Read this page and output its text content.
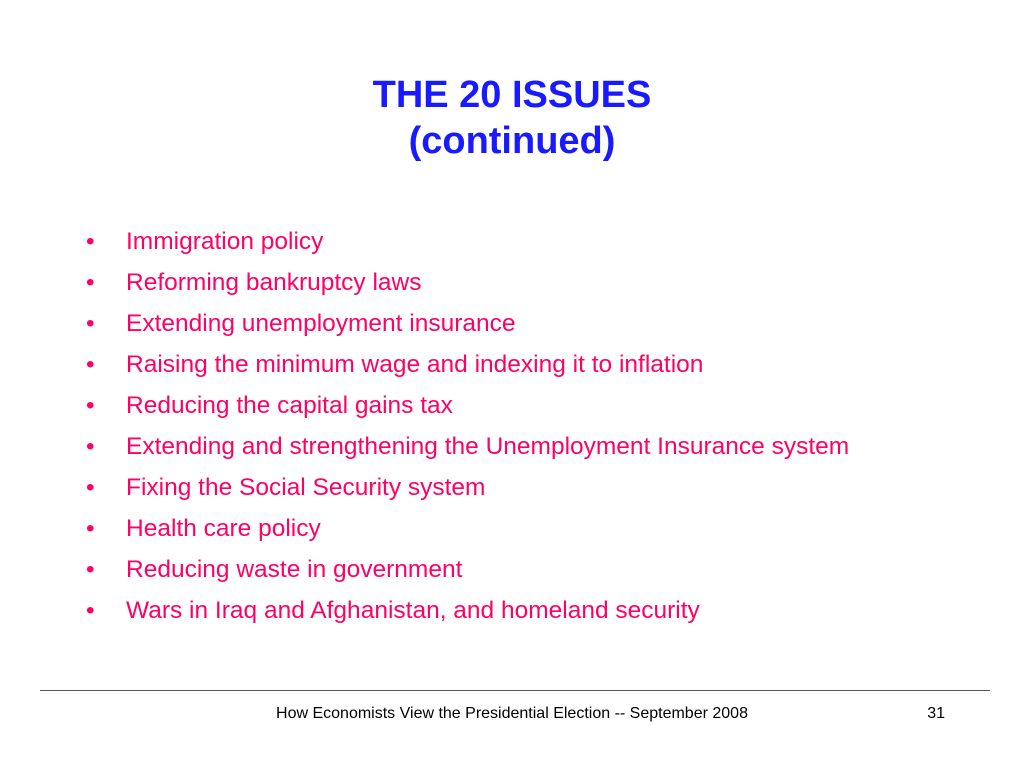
THE 20 ISSUES
(continued)
• Immigration policy
• Reforming bankruptcy laws
• Extending unemployment insurance
• Raising the minimum wage and indexing it to inflation
• Reducing the capital gains tax
• Extending and strengthening the Unemployment Insurance system
• Fixing the Social Security system
• Health care policy
• Reducing waste in government
• Wars in Iraq and Afghanistan, and homeland security
How Economists View the Presidential Election -- September 2008	31
